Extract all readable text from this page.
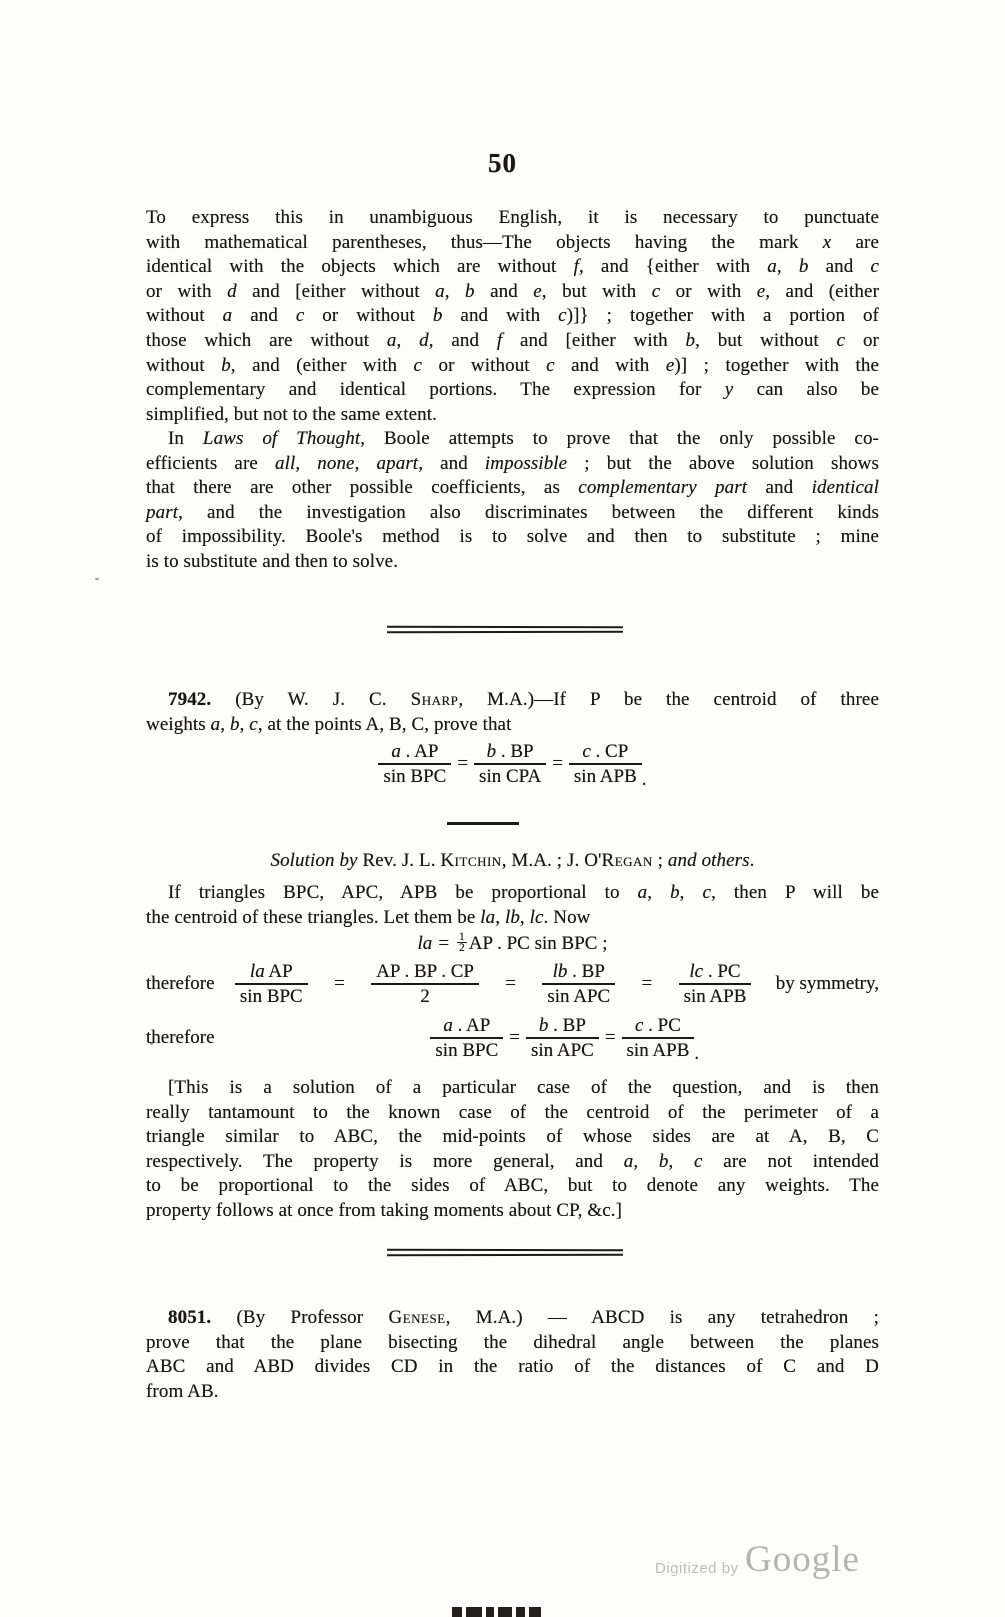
50
To express this in unambiguous English, it is necessary to punctuate
with mathematical parentheses, thus—The objects having the mark x are
identical with the objects which are without f, and {either with a, b and c
or with d and [either without a, b and e, but with c or with e, and (either
without a and c or without b and with c)]} ; together with a portion of
those which are without a, d, and f and [either with b, but without c or
without b, and (either with c or without c and with e)] ; together with the
complementary and identical portions. The expression for y can also be
simplified, but not to the same extent.
In Laws of Thought, Boole attempts to prove that the only possible co-
efficients are all, none, apart, and impossible ; but the above solution shows
that there are other possible coefficients, as complementary part and identical
part, and the investigation also discriminates between the different kinds
of impossibility. Boole's method is to solve and then to substitute ; mine
is to substitute and then to solve.
7942. (By W. J. C. Sharp, M.A.)—If P be the centroid of three
weights a, b, c, at the points A, B, C, prove that
$\frac{a . AP}{\text{sin BPC}} = \frac{b . BP}{\text{sin CPA}} = \frac{c . CP}{\text{sin APB}}$ .
Solution by Rev. J. L. Kitchin, M.A. ; J. O'Regan ; and others.
If triangles BPC, APC, APB be proportional to a, b, c, then P will be
the centroid of these triangles. Let them be la, lb, lc. Now
la = $\frac{1}{2}$ AP . PC sin BPC ;
therefore $\frac{\text{la AP}}{\text{sin BPC}} = \frac{AP . BP . CP}{2} = \frac{lb . BP}{\text{sin APC}} = \frac{lc . PC}{\text{sin APB}}$ by symmetry,
therefore	$\frac{a . AP}{\text{sin BPC}} = \frac{b . BP}{\text{sin APC}} = \frac{c . PC}{\text{sin APB}}$ .
[This is a solution of a particular case of the question, and is then
really tantamount to the known case of the centroid of the perimeter of a
triangle similar to ABC, the mid-points of whose sides are at A, B, C
respectively. The property is more general, and a, b, c are not intended
to be proportional to the sides of ABC, but to denote any weights. The
property follows at once from taking moments about CP, &c.]
8051. (By Professor Genese, M.A.) — ABCD is any tetrahedron ;
prove that the plane bisecting the dihedral angle between the planes
ABC and ABD divides CD in the ratio of the distances of C and D
from AB.
Digitized by Google
